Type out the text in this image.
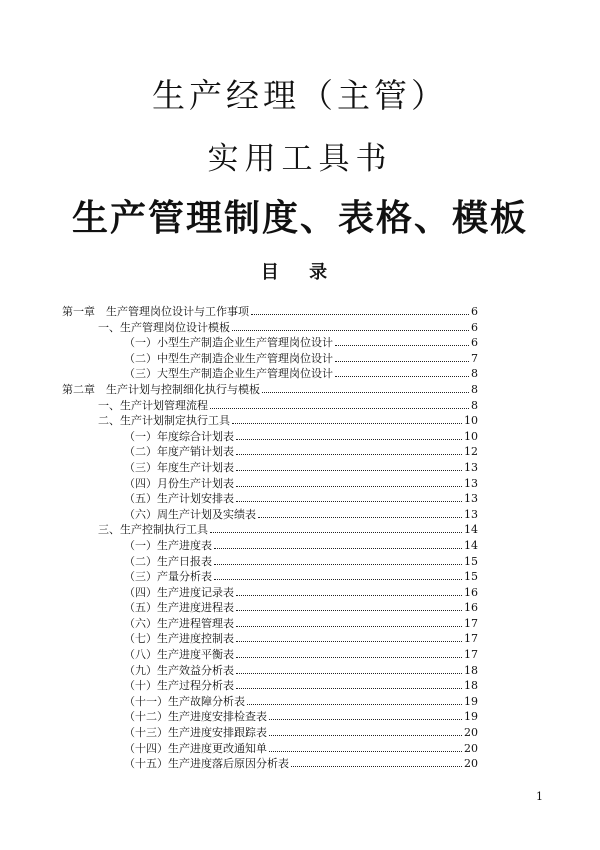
生产经理（主管）
实用工具书
生产管理制度、表格、模板
目 录
第一章　生产管理岗位设计与工作事项	6
一、生产管理岗位设计模板	6
（一）小型生产制造企业生产管理岗位设计	6
（二）中型生产制造企业生产管理岗位设计	7
（三）大型生产制造企业生产管理岗位设计	8
第二章　生产计划与控制细化执行与模板	8
一、生产计划管理流程	8
二、生产计划制定执行工具	10
（一）年度综合计划表	10
（二）年度产销计划表	12
（三）年度生产计划表	13
（四）月份生产计划表	13
（五）生产计划安排表	13
（六）周生产计划及实绩表	13
三、生产控制执行工具	14
（一）生产进度表	14
（二）生产日报表	15
（三）产量分析表	15
（四）生产进度记录表	16
（五）生产进度进程表	16
（六）生产进程管理表	17
（七）生产进度控制表	17
（八）生产进度平衡表	17
（九）生产效益分析表	18
（十）生产过程分析表	18
（十一）生产故障分析表	19
（十二）生产进度安排检查表	19
（十三）生产进度安排跟踪表	20
（十四）生产进度更改通知单	20
（十五）生产进度落后原因分析表	20
1
